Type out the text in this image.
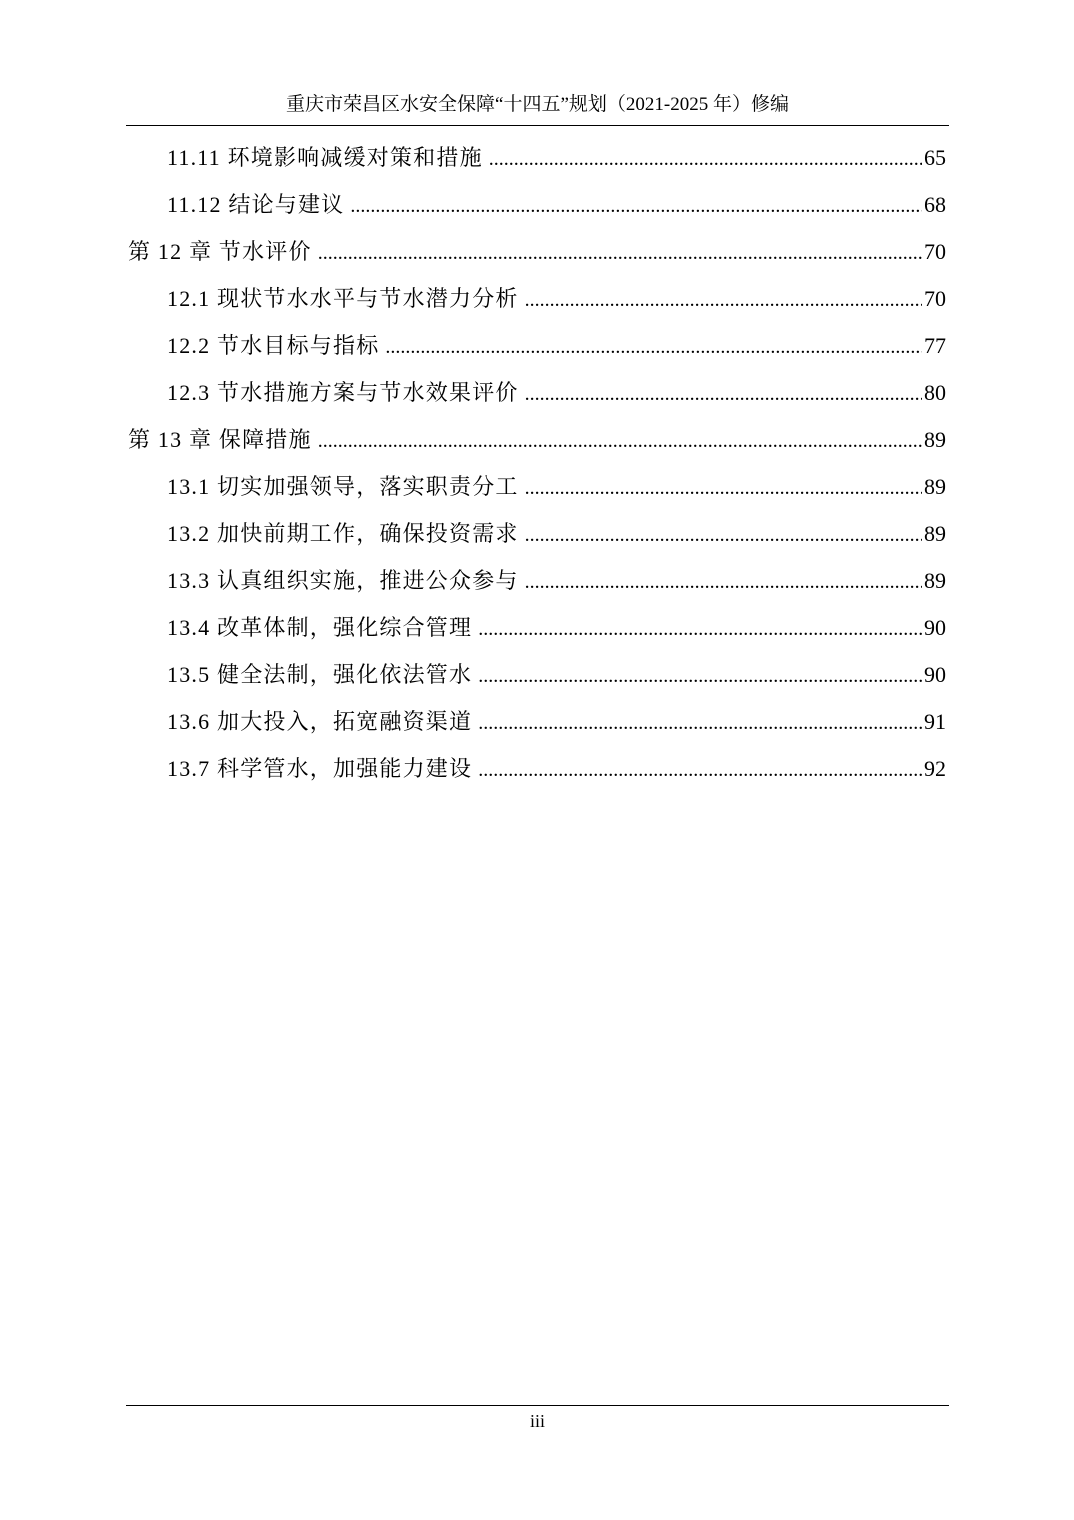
重庆市荣昌区水安全保障“十四五”规划（2021-2025 年）修编
11.11 环境影响减缓对策和措施 .....	65
11.12 结论与建议 .....	68
第 12 章 节水评价 .....	70
12.1 现状节水水平与节水潜力分析 .....	70
12.2 节水目标与指标 .....	77
12.3 节水措施方案与节水效果评价 .....	80
第 13 章 保障措施 .....	89
13.1 切实加强领导，落实职责分工 .....	89
13.2 加快前期工作，确保投资需求 .....	89
13.3 认真组织实施，推进公众参与 .....	89
13.4 改革体制，强化综合管理 .....	90
13.5 健全法制，强化依法管水 .....	90
13.6 加大投入，拓宽融资渠道 .....	91
13.7 科学管水，加强能力建设 .....	92
iii
